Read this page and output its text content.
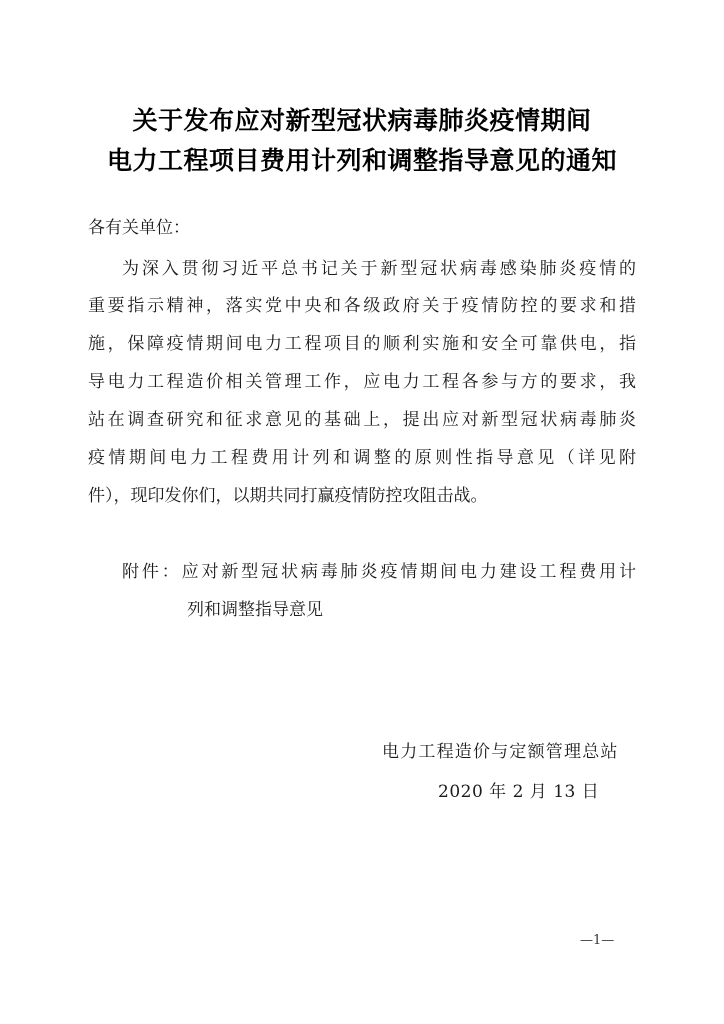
关于发布应对新型冠状病毒肺炎疫情期间
电力工程项目费用计列和调整指导意见的通知
各有关单位：
为深入贯彻习近平总书记关于新型冠状病毒感染肺炎疫情的
重要指示精神，落实党中央和各级政府关于疫情防控的要求和措
施，保障疫情期间电力工程项目的顺利实施和安全可靠供电，指
导电力工程造价相关管理工作，应电力工程各参与方的要求，我
站在调查研究和征求意见的基础上，提出应对新型冠状病毒肺炎
疫情期间电力工程费用计列和调整的原则性指导意见（详见附
件），现印发你们，以期共同打赢疫情防控攻阻击战。
附件：应对新型冠状病毒肺炎疫情期间电力建设工程费用计
列和调整指导意见
电力工程造价与定额管理总站
2020 年 2 月 13 日
—1—
